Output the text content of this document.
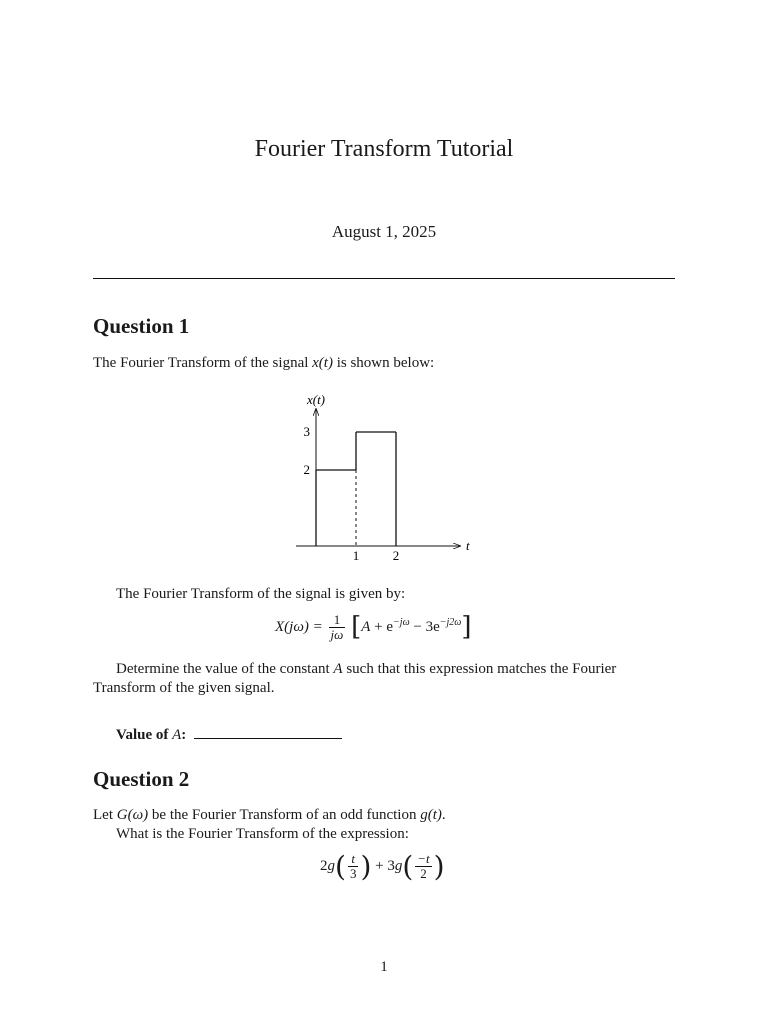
Fourier Transform Tutorial
August 1, 2025
Question 1
The Fourier Transform of the signal x(t) is shown below:
1	2
2
3
x(t)
t
The Fourier Transform of the signal is given by:
$X(j\omega) = \frac{1}{j\omega} [A + e^{-j\omega} - 3e^{-j2\omega}]$
Determine the value of the constant A such that this expression matches the Fourier
Transform of the given signal.
Value of A:
Question 2
Let G(ω) be the Fourier Transform of an odd function g(t).
What is the Fourier Transform of the expression:
$2g( \frac{t}{3}$ ) + $3g( \frac{-t}{2}$ )
1
